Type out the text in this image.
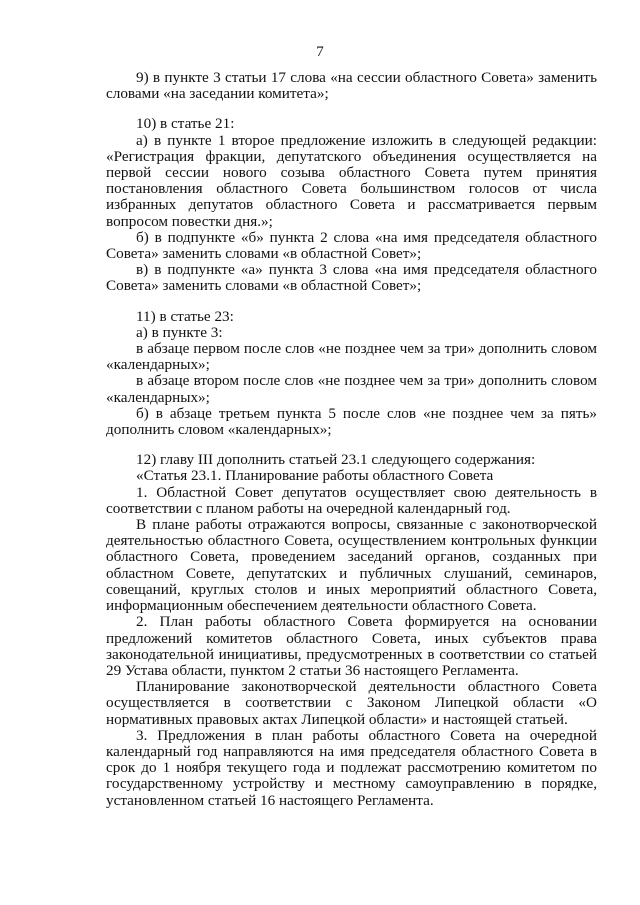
7

9) в пункте 3 статьи 17 слова «на сессии областного Совета» заменить словами «на заседании комитета»;

10) в статье 21:

а) в пункте 1 второе предложение изложить в следующей редакции: «Регистрация фракции, депутатского объединения осуществляется на первой сессии нового созыва областного Совета путем принятия постановления областного Совета большинством голосов от числа избранных депутатов областного Совета и рассматривается первым вопросом повестки дня.»;

б) в подпункте «б» пункта 2 слова «на имя председателя областного Совета» заменить словами «в областной Совет»;

в) в подпункте «а» пункта 3 слова «на имя председателя областного Совета» заменить словами «в областной Совет»;

11) в статье 23:

а) в пункте 3:

в абзаце первом после слов «не позднее чем за три» дополнить словом «календарных»;

в абзаце втором после слов «не позднее чем за три» дополнить словом «календарных»;

б) в абзаце третьем пункта 5 после слов «не позднее чем за пять» дополнить словом «календарных»;

12) главу III дополнить статьей 23.1 следующего содержания:

«Статья 23.1. Планирование работы областного Совета

1. Областной Совет депутатов осуществляет свою деятельность в соответствии с планом работы на очередной календарный год.

В плане работы отражаются вопросы, связанные с законотворческой деятельностью областного Совета, осуществлением контрольных функции областного Совета, проведением заседаний органов, созданных при областном Совете, депутатских и публичных слушаний, семинаров, совещаний, круглых столов и иных мероприятий областного Совета, информационным обеспечением деятельности областного Совета.

2. План работы областного Совета формируется на основании предложений комитетов областного Совета, иных субъектов права законодательной инициативы, предусмотренных в соответствии со статьей 29 Устава области, пунктом 2 статьи 36 настоящего Регламента.

Планирование законотворческой деятельности областного Совета осуществляется в соответствии с Законом Липецкой области «О нормативных правовых актах Липецкой области» и настоящей статьей.

3. Предложения в план работы областного Совета на очередной календарный год направляются на имя председателя областного Совета в срок до 1 ноября текущего года и подлежат рассмотрению комитетом по государственному устройству и местному самоуправлению в порядке, установленном статьей 16 настоящего Регламента.
